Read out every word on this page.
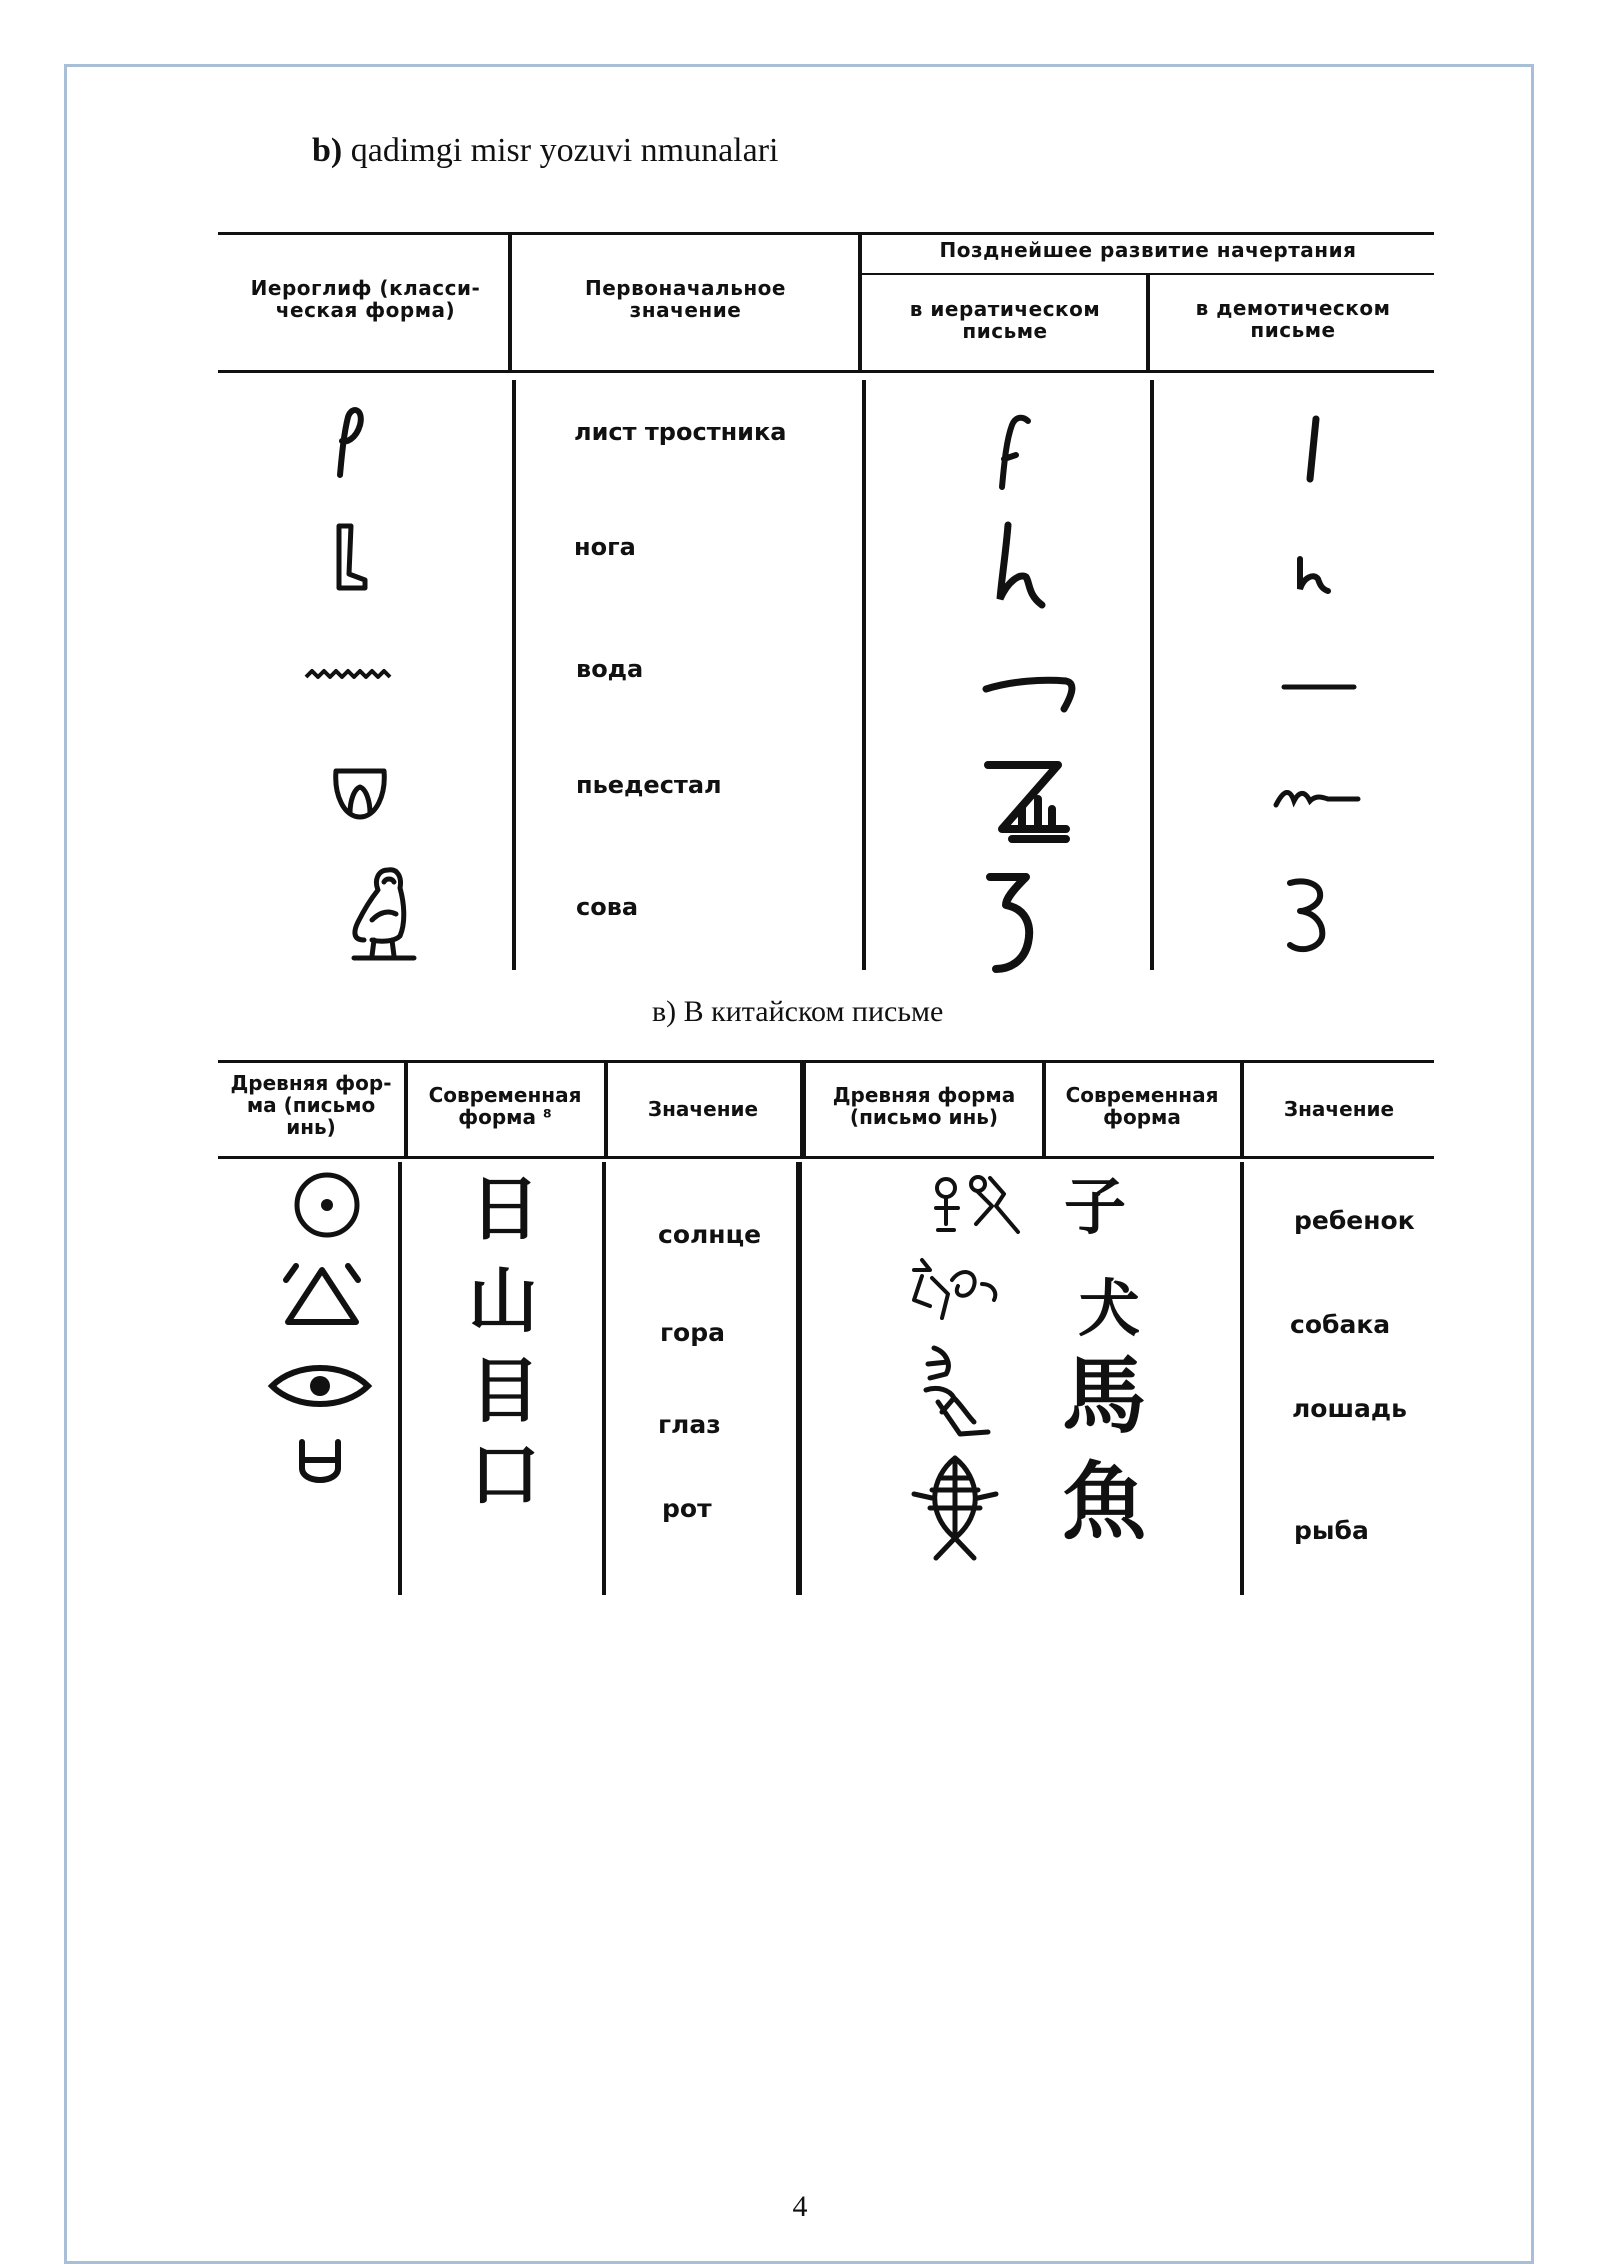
b) qadimgi misr yozuvi nmunalari
Иероглиф (класси-
ческая форма)
Первоначальное
значение
Позднейшее развитие начертания
в иератическом
письме
в демотическом
письме
лист тростника
нога
вода
пьедестал
сова
в) В китайском письме
Древняя фор-
ма (письмо
инь)
Современная
форма ⁸	Значение
Древняя форма
(письмо инь)
Современная
форма	Значение
日
山
目
口
солнце
гора
глаз
рот
子
犬
馬
魚
ребенок
собака
лошадь
рыба
4
